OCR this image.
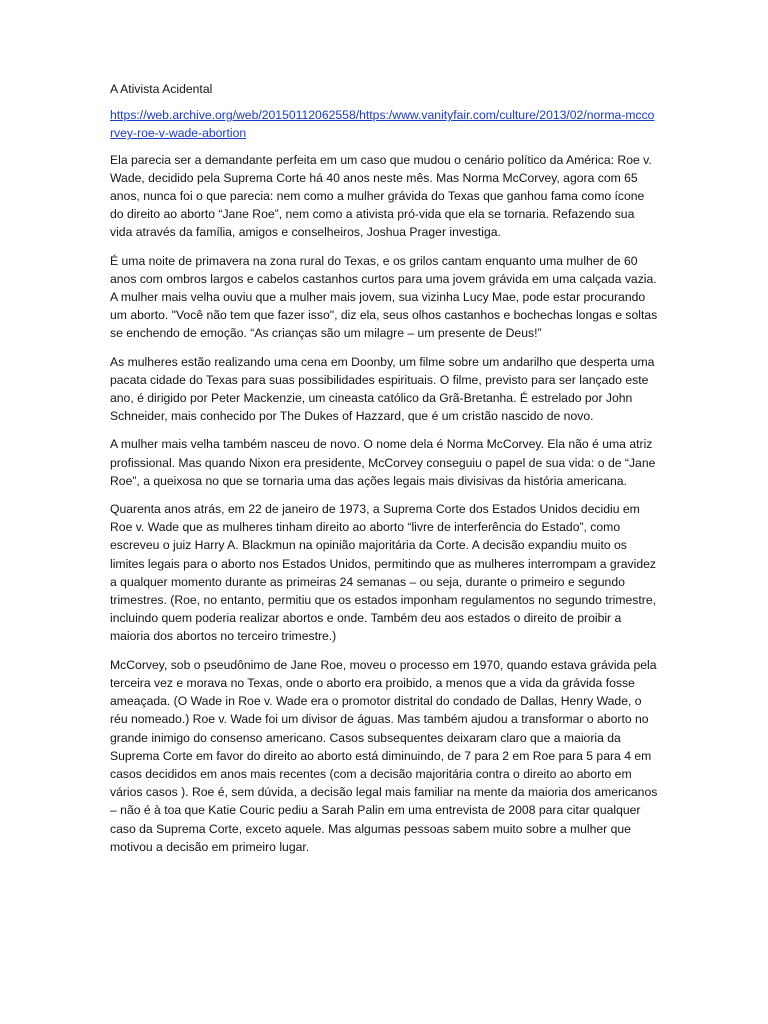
A Ativista Acidental
https://web.archive.org/web/20150112062558/https:/www.vanityfair.com/culture/2013/02/norma-mccorvey-roe-v-wade-abortion

Ela parecia ser a demandante perfeita em um caso que mudou o cenário político da América: Roe v. Wade, decidido pela Suprema Corte há 40 anos neste mês. Mas Norma McCorvey, agora com 65 anos, nunca foi o que parecia: nem como a mulher grávida do Texas que ganhou fama como ícone do direito ao aborto “Jane Roe”, nem como a ativista pró-vida que ela se tornaria. Refazendo sua vida através da família, amigos e conselheiros, Joshua Prager investiga.

É uma noite de primavera na zona rural do Texas, e os grilos cantam enquanto uma mulher de 60 anos com ombros largos e cabelos castanhos curtos para uma jovem grávida em uma calçada vazia. A mulher mais velha ouviu que a mulher mais jovem, sua vizinha Lucy Mae, pode estar procurando um aborto. "Você não tem que fazer isso", diz ela, seus olhos castanhos e bochechas longas e soltas se enchendo de emoção. “As crianças são um milagre – um presente de Deus!”

As mulheres estão realizando uma cena em Doonby, um filme sobre um andarilho que desperta uma pacata cidade do Texas para suas possibilidades espirituais. O filme, previsto para ser lançado este ano, é dirigido por Peter Mackenzie, um cineasta católico da Grã-Bretanha. É estrelado por John Schneider, mais conhecido por The Dukes of Hazzard, que é um cristão nascido de novo.

A mulher mais velha também nasceu de novo. O nome dela é Norma McCorvey. Ela não é uma atriz profissional. Mas quando Nixon era presidente, McCorvey conseguiu o papel de sua vida: o de “Jane Roe”, a queixosa no que se tornaria uma das ações legais mais divisivas da história americana.

Quarenta anos atrás, em 22 de janeiro de 1973, a Suprema Corte dos Estados Unidos decidiu em Roe v. Wade que as mulheres tinham direito ao aborto “livre de interferência do Estado”, como escreveu o juiz Harry A. Blackmun na opinião majoritária da Corte. A decisão expandiu muito os limites legais para o aborto nos Estados Unidos, permitindo que as mulheres interrompam a gravidez a qualquer momento durante as primeiras 24 semanas – ou seja, durante o primeiro e segundo trimestres. (Roe, no entanto, permitiu que os estados imponham regulamentos no segundo trimestre, incluindo quem poderia realizar abortos e onde. Também deu aos estados o direito de proibir a maioria dos abortos no terceiro trimestre.)

McCorvey, sob o pseudônimo de Jane Roe, moveu o processo em 1970, quando estava grávida pela terceira vez e morava no Texas, onde o aborto era proibido, a menos que a vida da grávida fosse ameaçada. (O Wade in Roe v. Wade era o promotor distrital do condado de Dallas, Henry Wade, o réu nomeado.) Roe v. Wade foi um divisor de águas. Mas também ajudou a transformar o aborto no grande inimigo do consenso americano. Casos subsequentes deixaram claro que a maioria da Suprema Corte em favor do direito ao aborto está diminuindo, de 7 para 2 em Roe para 5 para 4 em casos decididos em anos mais recentes (com a decisão majoritária contra o direito ao aborto em vários casos ). Roe é, sem dúvida, a decisão legal mais familiar na mente da maioria dos americanos – não é à toa que Katie Couric pediu a Sarah Palin em uma entrevista de 2008 para citar qualquer caso da Suprema Corte, exceto aquele. Mas algumas pessoas sabem muito sobre a mulher que motivou a decisão em primeiro lugar.
